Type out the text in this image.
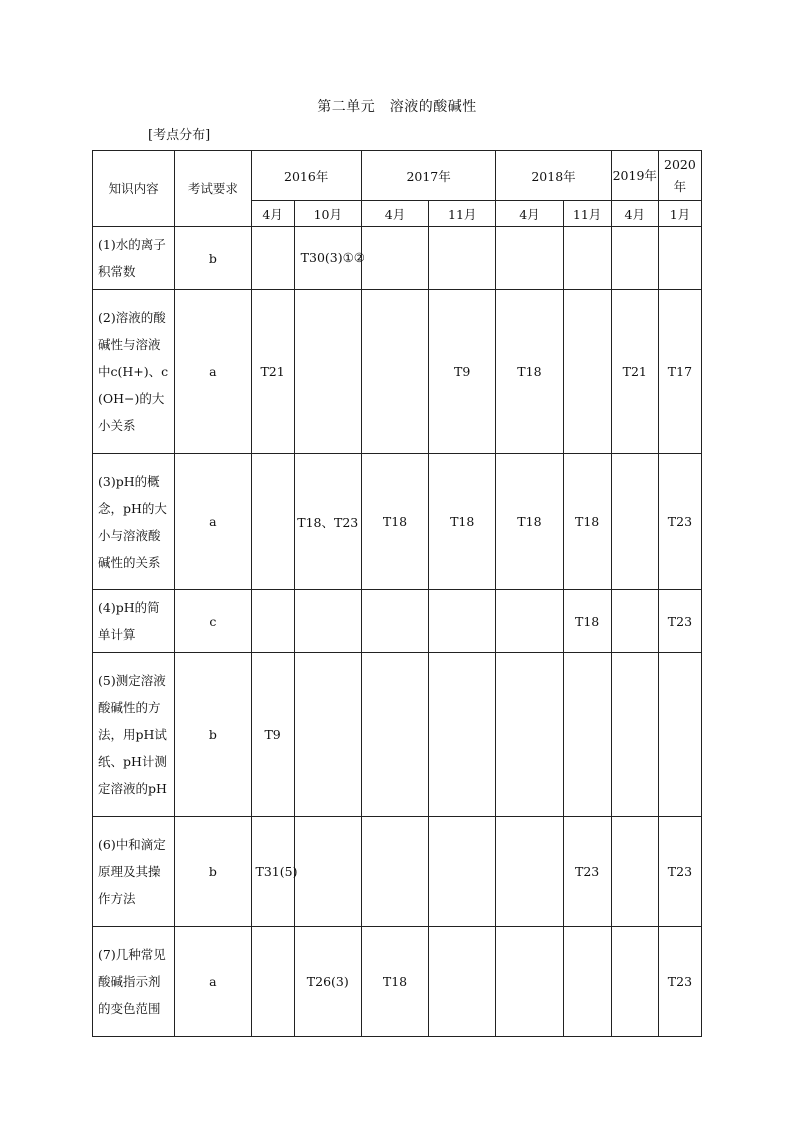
第二单元　溶液的酸碱性
[考点分布]
知识内容	考试要求	2016年		2017年		2018年		2019年	2020年
		4月	10月	4月	11月	4月	11月	4月	1月
(1)水的离子积常数	b		T30(3)①②						
(2)溶液的酸碱性与溶液中c(H+)、c(OH−)的大小关系	a	T21			T9	T18		T21	T17
(3)pH的概念，pH的大小与溶液酸碱性的关系	a		T18、T23	T18	T18	T18	T18		T23
(4)pH的简单计算	c						T18		T23
(5)测定溶液酸碱性的方法，用pH试纸、pH计测定溶液的pH	b	T9							
(6)中和滴定原理及其操作方法	b	T31(5)					T23		T23
(7)几种常见酸碱指示剂的变色范围	a		T26(3)	T18					T23
